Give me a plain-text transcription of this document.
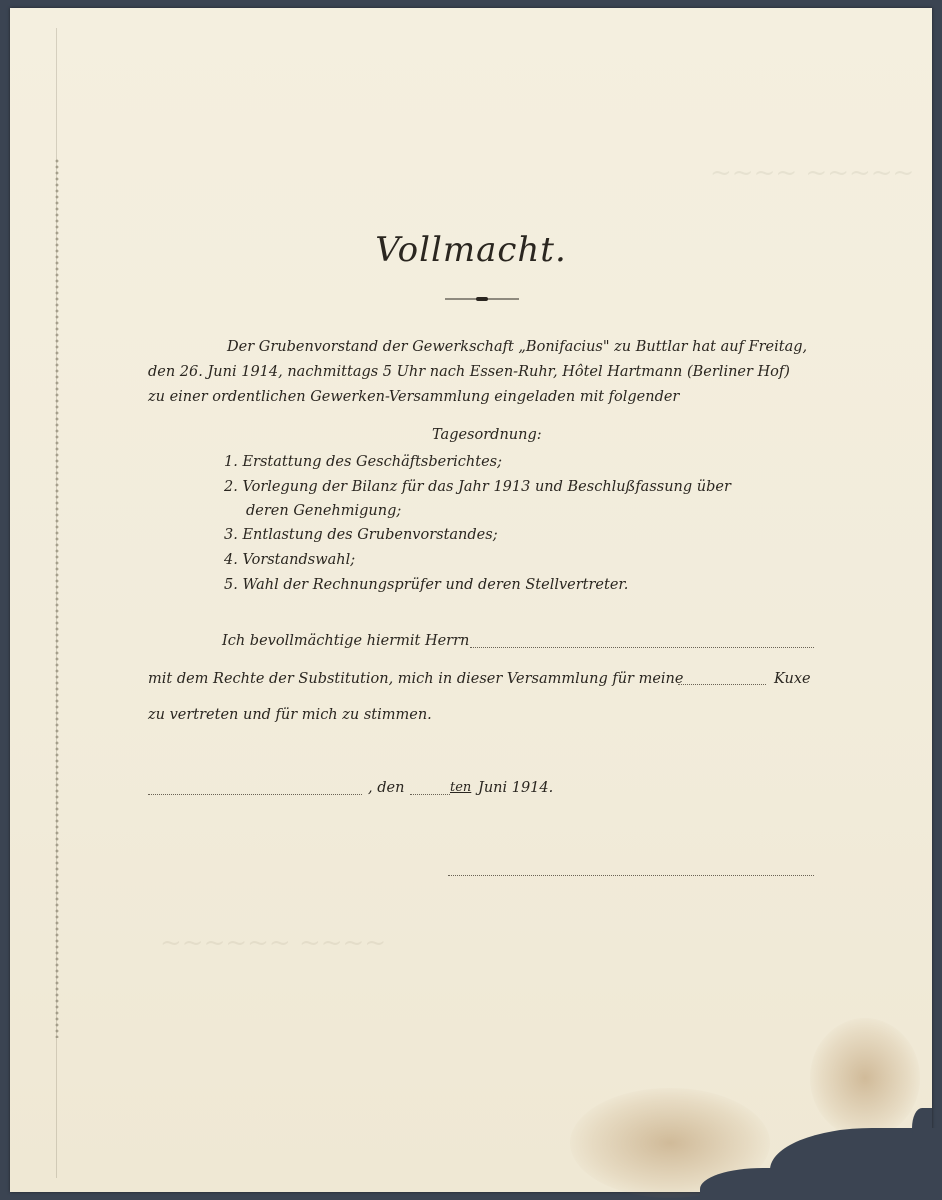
~~~~ ~~~~~
~~~~~~ ~~~~
Vollmacht.
Der Grubenvorstand der Gewerkschaft „Bonifacius" zu Buttlar hat auf Freitag,
den 26. Juni 1914, nachmittags 5 Uhr nach Essen-Ruhr, Hôtel Hartmann (Berliner Hof)
zu einer ordentlichen Gewerken-Versammlung eingeladen mit folgender
Tagesordnung:
1. Erstattung des Geschäftsberichtes;
2. Vorlegung der Bilanz für das Jahr 1913 und Beschlußfassung über
deren Genehmigung;
3. Entlastung des Grubenvorstandes;
4. Vorstandswahl;
5. Wahl der Rechnungsprüfer und deren Stellvertreter.
Ich bevollmächtige hiermit Herrn
mit dem Rechte der Substitution, mich in dieser Versammlung für meine	Kuxe
zu vertreten und für mich zu stimmen.
, den	ten Juni 1914.
